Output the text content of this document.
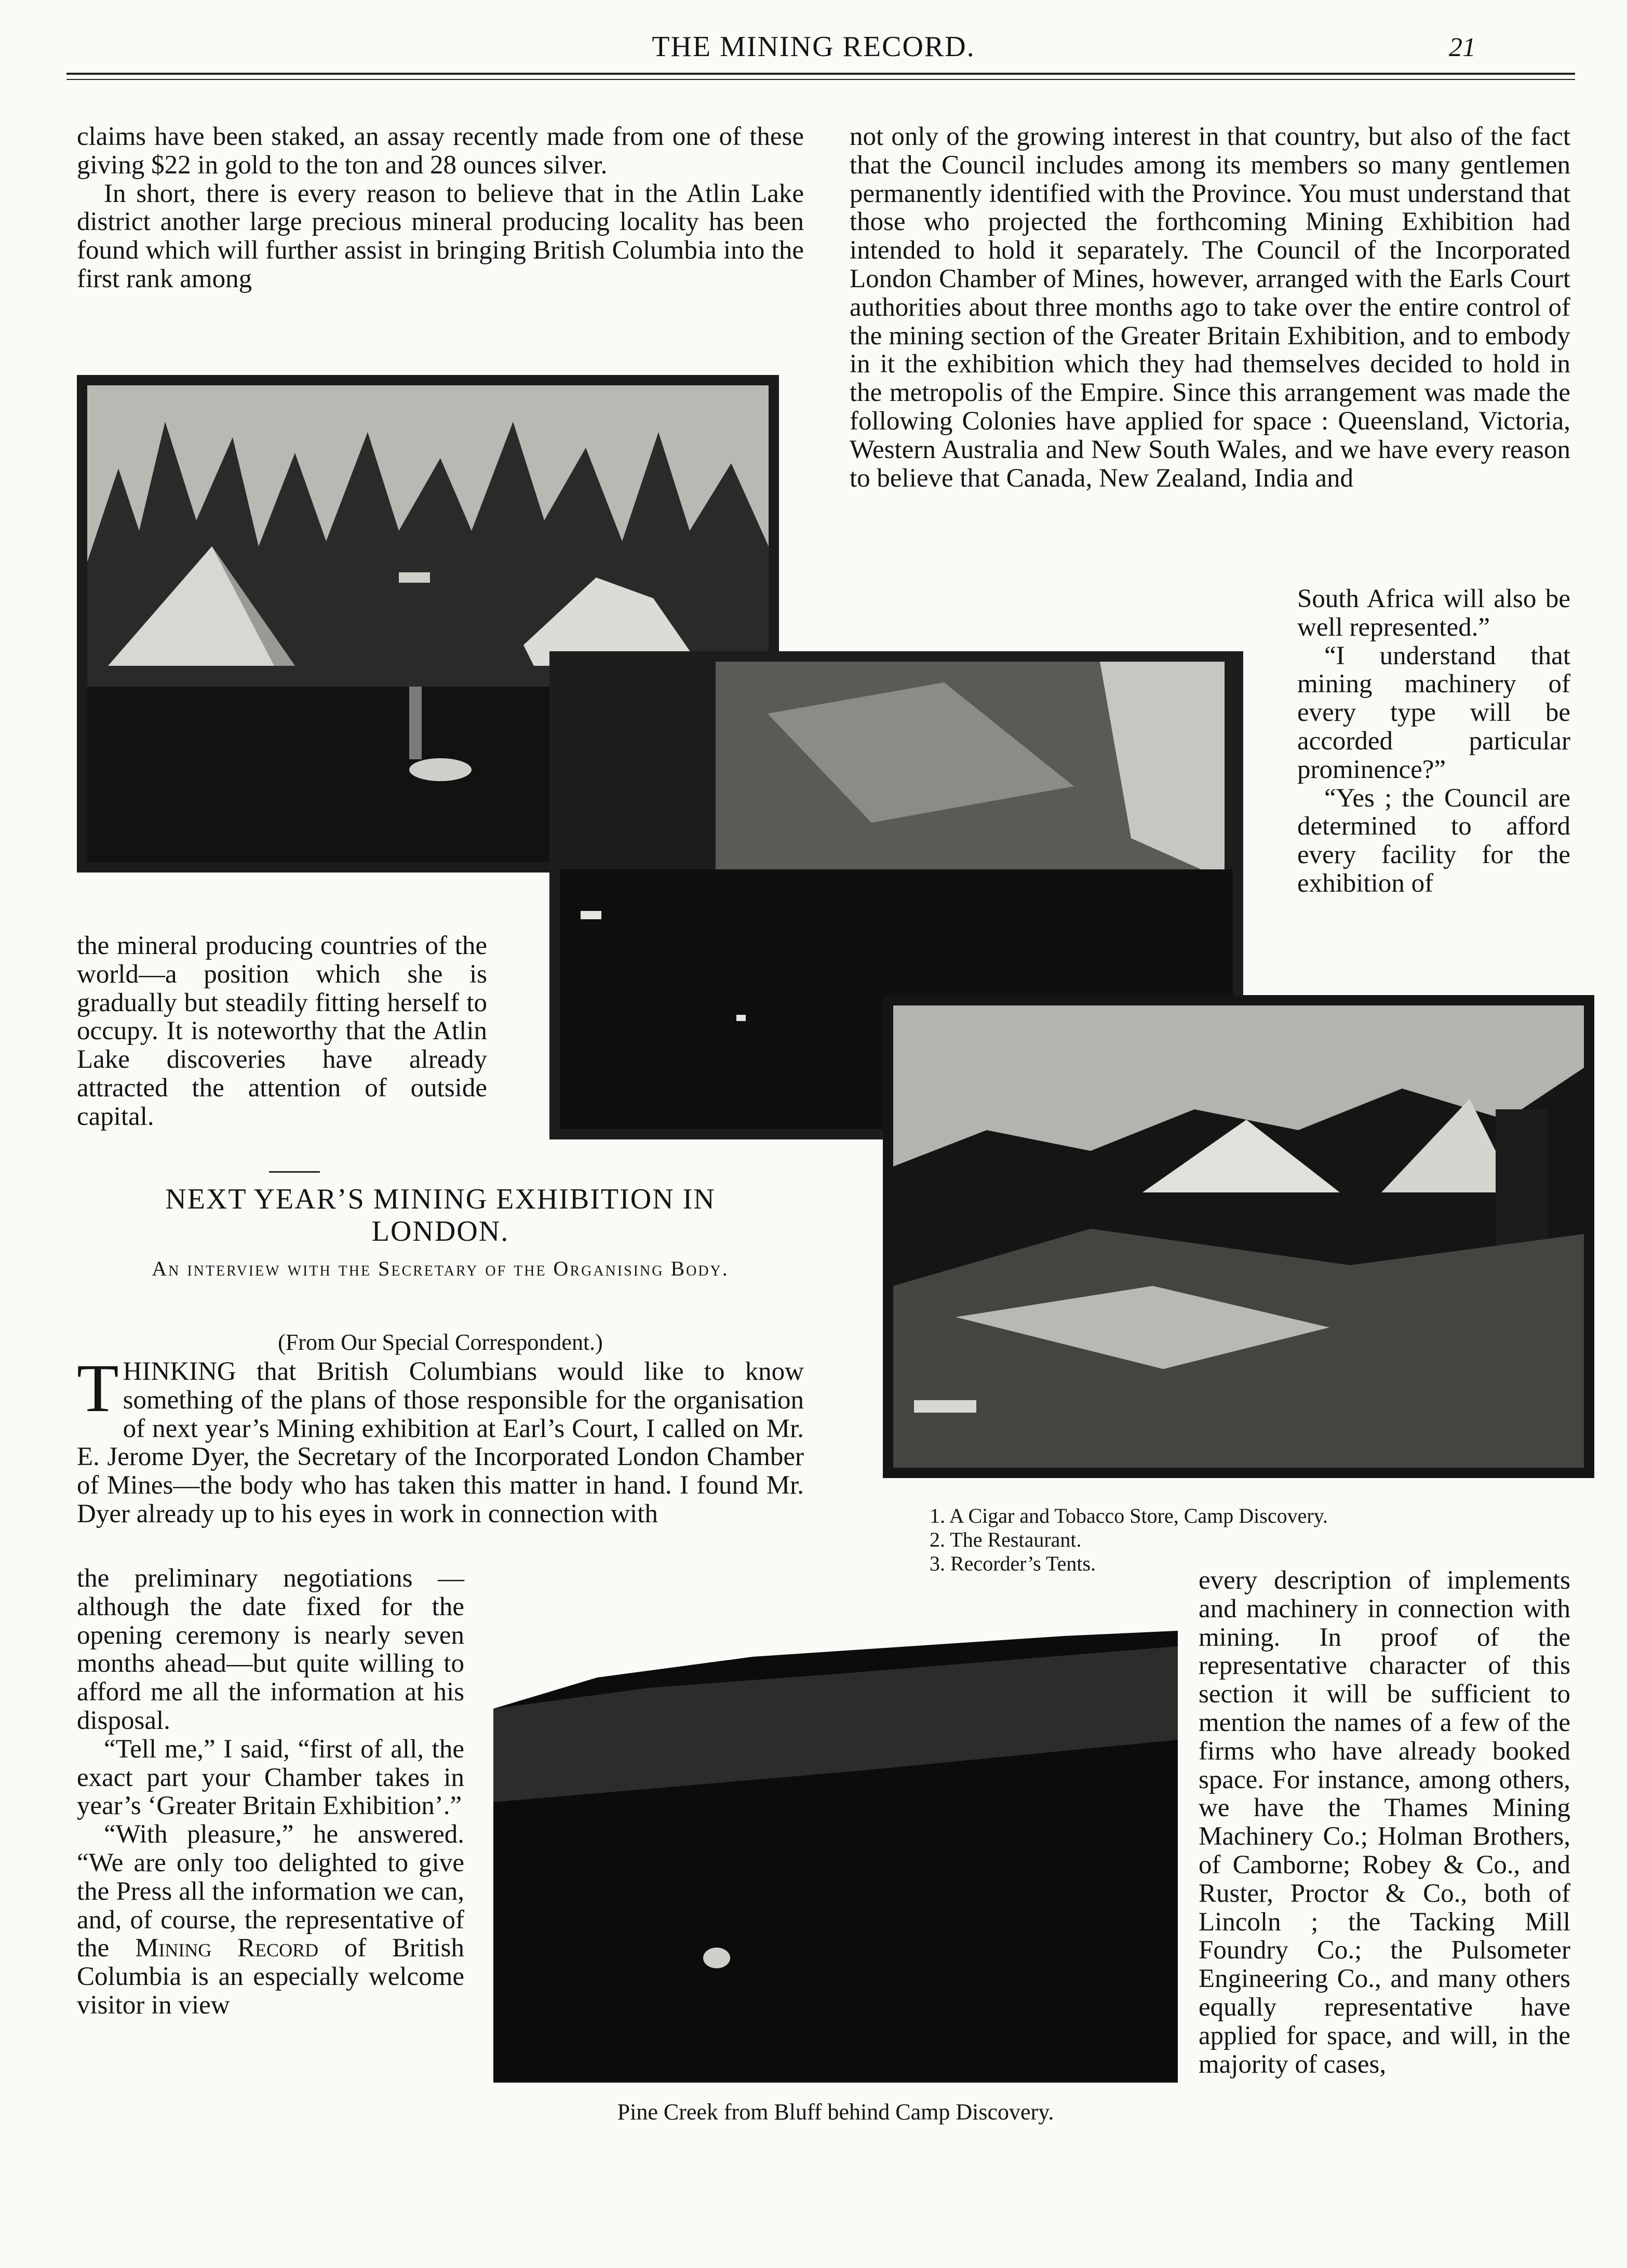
THE MINING RECORD.	21

claims have been staked, an assay recently made from one of these giving $22 in gold to the ton and 28 ounces silver.

In short, there is every reason to believe that in the Atlin Lake district another large precious mineral producing locality has been found which will further assist in bringing British Columbia into the first rank among

not only of the growing interest in that country, but also of the fact that the Council includes among its members so many gentlemen permanently identified with the Province. You must understand that those who projected the forthcoming Mining Exhibition had intended to hold it separately. The Council of the Incorporated London Chamber of Mines, however, arranged with the Earls Court authorities about three months ago to take over the entire control of the mining section of the Greater Britain Exhibition, and to embody in it the exhibition which they had themselves decided to hold in the metropolis of the Empire. Since this arrangement was made the following Colonies have applied for space : Queensland, Victoria, Western Australia and New South Wales, and we have every reason to believe that Canada, New Zealand, India and

South Africa will also be well represented.”

“I understand that mining machinery of every type will be accorded particular prominence?”

“Yes ; the Council are determined to afford every facility for the exhibition of

the mineral producing countries of the world—a position which she is gradually but steadily fitting herself to occupy. It is noteworthy that the Atlin Lake discoveries have already attracted the attention of outside capital.

NEXT YEAR’S MINING EXHIBITION IN
LONDON.
An interview with the Secretary of the Organising Body.
(From Our Special Correspondent.)
THINKING that British Columbians would like to know something of the plans of those responsible for the organisation of next year’s Mining exhibition at Earl’s Court, I called on Mr. E. Jerome Dyer, the Secretary of the Incorporated London Chamber of Mines—the body who has taken this matter in hand. I found Mr. Dyer already up to his eyes in work in connection with

the preliminary negotiations —although the date fixed for the opening ceremony is nearly seven months ahead—but quite willing to afford me all the information at his disposal.

“Tell me,” I said, “first of all, the exact part your Chamber takes in year’s ‘Greater Britain Exhibition’.”

“With pleasure,” he answered. “We are only too delighted to give the Press all the information we can, and, of course, the representative of the Mining Record of British Columbia is an especially welcome visitor in view

1. A Cigar and Tobacco Store, Camp Discovery.
2. The Restaurant.
3. Recorder’s Tents.
Pine Creek from Bluff behind Camp Discovery.

every description of implements and machinery in connection with mining. In proof of the representative character of this section it will be sufficient to mention the names of a few of the firms who have already booked space. For instance, among others, we have the Thames Mining Machinery Co.; Holman Brothers, of Camborne; Robey & Co., and Ruster, Proctor & Co., both of Lincoln ; the Tacking Mill Foundry Co.; the Pulsometer Engineering Co., and many others equally representative have applied for space, and will, in the majority of cases,
